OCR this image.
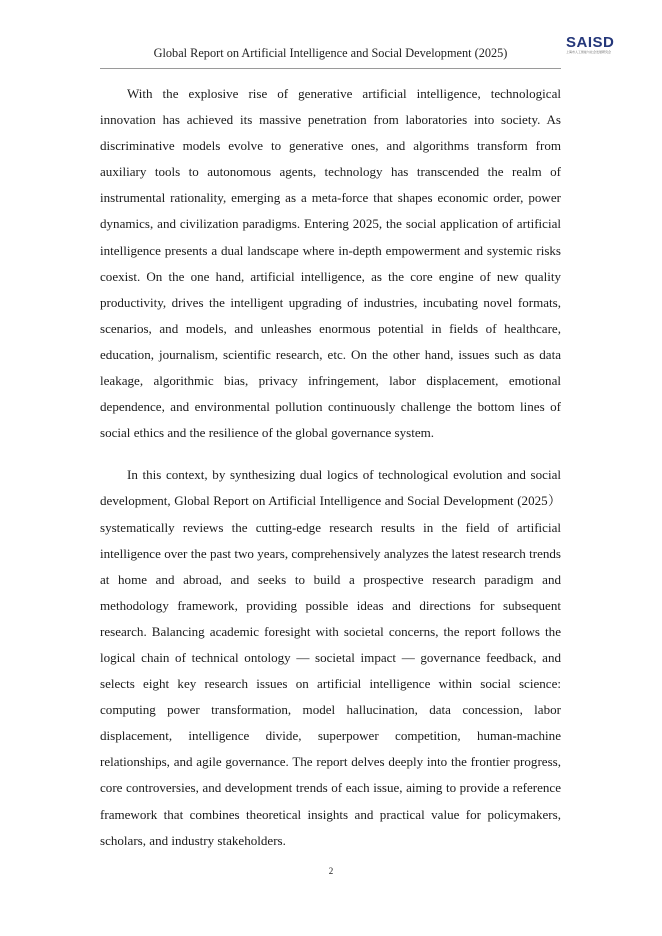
Global Report on Artificial Intelligence and Social Development (2025)
SAISD
上海市人工智能与社会发展研究会

With the explosive rise of generative artificial intelligence, technological innovation has achieved its massive penetration from laboratories into society. As discriminative models evolve to generative ones, and algorithms transform from auxiliary tools to autonomous agents, technology has transcended the realm of instrumental rationality, emerging as a meta-force that shapes economic order, power dynamics, and civilization paradigms. Entering 2025, the social application of artificial intelligence presents a dual landscape where in-depth empowerment and systemic risks coexist. On the one hand, artificial intelligence, as the core engine of new quality productivity, drives the intelligent upgrading of industries, incubating novel formats, scenarios, and models, and unleashes enormous potential in fields of healthcare, education, journalism, scientific research, etc. On the other hand, issues such as data leakage, algorithmic bias, privacy infringement, labor displacement, emotional dependence, and environmental pollution continuously challenge the bottom lines of social ethics and the resilience of the global governance system.

In this context, by synthesizing dual logics of technological evolution and social development, Global Report on Artificial Intelligence and Social Development (2025） systematically reviews the cutting-edge research results in the field of artificial intelligence over the past two years, comprehensively analyzes the latest research trends at home and abroad, and seeks to build a prospective research paradigm and methodology framework, providing possible ideas and directions for subsequent research. Balancing academic foresight with societal concerns, the report follows the logical chain of technical ontology — societal impact — governance feedback, and selects eight key research issues on artificial intelligence within social science: computing power transformation, model hallucination, data concession, labor displacement, intelligence divide, superpower competition, human-machine relationships, and agile governance. The report delves deeply into the frontier progress, core controversies, and development trends of each issue, aiming to provide a reference framework that combines theoretical insights and practical value for policymakers, scholars, and industry stakeholders.

2
